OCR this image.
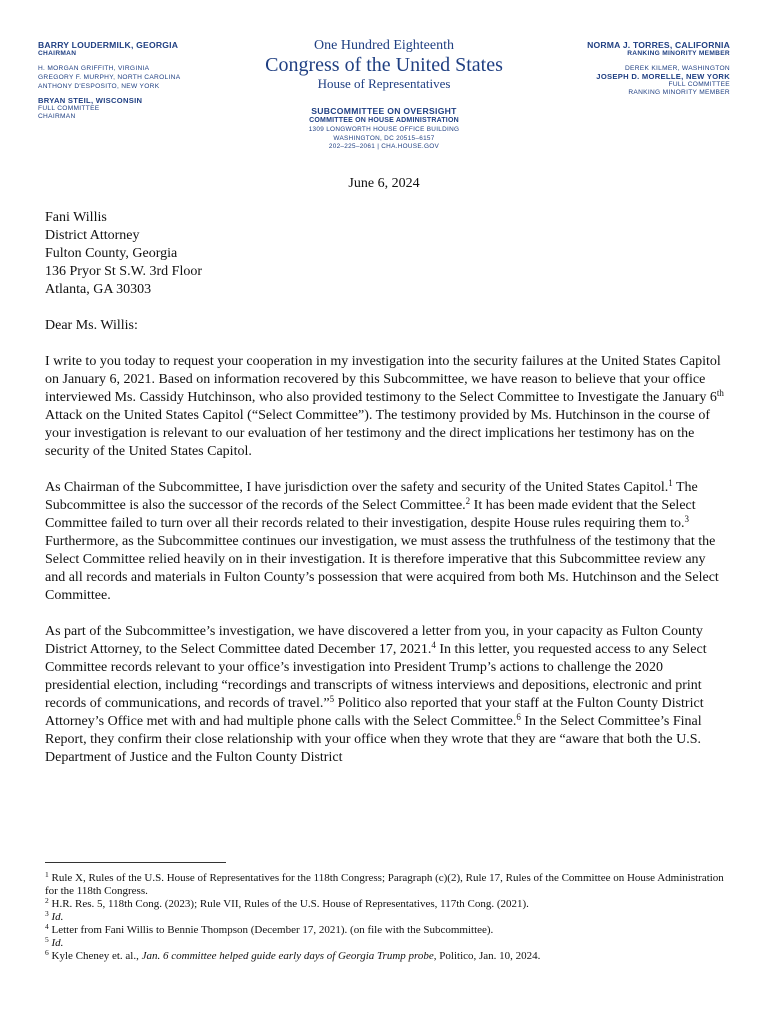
BARRY LOUDERMILK, GEORGIA
CHAIRMAN
H. MORGAN GRIFFITH, VIRGINIA
GREGORY F. MURPHY, NORTH CAROLINA
ANTHONY D'ESPOSITO, NEW YORK
BRYAN STEIL, WISCONSIN
FULL COMMITTEE
CHAIRMAN
One Hundred Eighteenth
Congress of the United States
House of Representatives
SUBCOMMITTEE ON OVERSIGHT
COMMITTEE ON HOUSE ADMINISTRATION
1309 LONGWORTH HOUSE OFFICE BUILDING
WASHINGTON, DC 20515–6157
202–225–2061 | CHA.HOUSE.GOV
NORMA J. TORRES, CALIFORNIA
RANKING MINORITY MEMBER
DEREK KILMER, WASHINGTON
JOSEPH D. MORELLE, NEW YORK
FULL COMMITTEE
RANKING MINORITY MEMBER
June 6, 2024
Fani Willis
District Attorney
Fulton County, Georgia
136 Pryor St S.W. 3rd Floor
Atlanta, GA 30303
Dear Ms. Willis:

I write to you today to request your cooperation in my investigation into the security failures at the United States Capitol on January 6, 2021. Based on information recovered by this Subcommittee, we have reason to believe that your office interviewed Ms. Cassidy Hutchinson, who also provided testimony to the Select Committee to Investigate the January 6th Attack on the United States Capitol (“Select Committee”). The testimony provided by Ms. Hutchinson in the course of your investigation is relevant to our evaluation of her testimony and the direct implications her testimony has on the security of the United States Capitol.

As Chairman of the Subcommittee, I have jurisdiction over the safety and security of the United States Capitol.$^1$ The Subcommittee is also the successor of the records of the Select Committee.$^2$ It has been made evident that the Select Committee failed to turn over all their records related to their investigation, despite House rules requiring them to.$^3$ Furthermore, as the Subcommittee continues our investigation, we must assess the truthfulness of the testimony that the Select Committee relied heavily on in their investigation. It is therefore imperative that this Subcommittee review any and all records and materials in Fulton County’s possession that were acquired from both Ms. Hutchinson and the Select Committee.

As part of the Subcommittee’s investigation, we have discovered a letter from you, in your capacity as Fulton County District Attorney, to the Select Committee dated December 17, 2021.$^4$ In this letter, you requested access to any Select Committee records relevant to your office’s investigation into President Trump’s actions to challenge the 2020 presidential election, including “recordings and transcripts of witness interviews and depositions, electronic and print records of communications, and records of travel.”$^5$ Politico also reported that your staff at the Fulton County District Attorney’s Office met with and had multiple phone calls with the Select Committee.$^6$ In the Select Committee’s Final Report, they confirm their close relationship with your office when they wrote that they are “aware that both the U.S. Department of Justice and the Fulton County District

$^1$ Rule X, Rules of the U.S. House of Representatives for the 118th Congress; Paragraph (c)(2), Rule 17, Rules of the Committee on House Administration for the 118th Congress.
$^2$ H.R. Res. 5, 118th Cong. (2023); Rule VII, Rules of the U.S. House of Representatives, 117th Cong. (2021).
$^3$ Id.
$^4$ Letter from Fani Willis to Bennie Thompson (December 17, 2021). (on file with the Subcommittee).
$^5$ Id.
$^6$ Kyle Cheney et. al., Jan. 6 committee helped guide early days of Georgia Trump probe, Politico, Jan. 10, 2024.
